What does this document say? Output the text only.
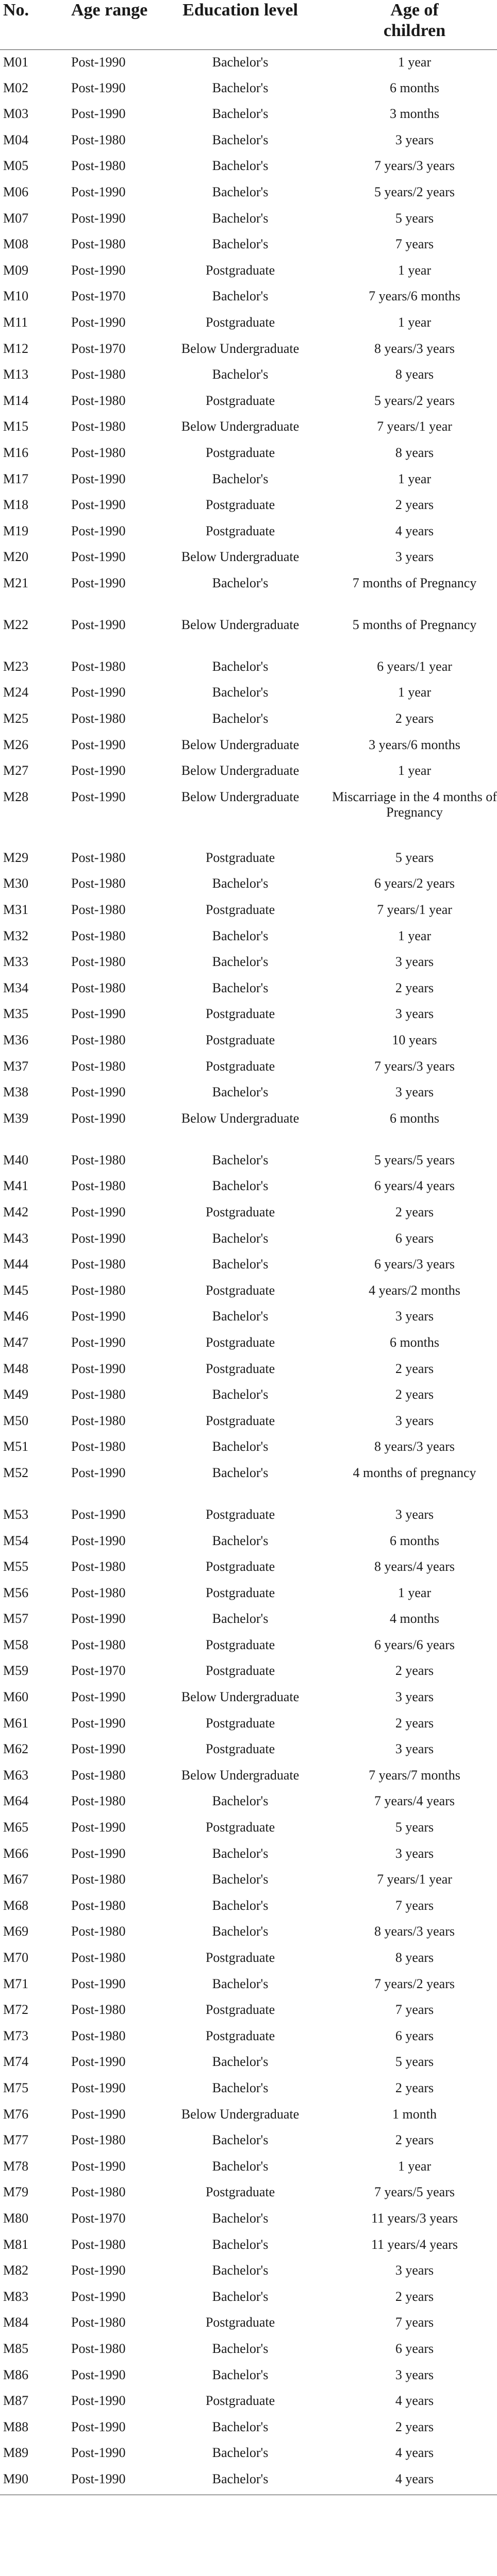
No.	Age range	Education level	Age of
children
M01	Post-1990	Bachelor's	1 year
M02	Post-1990	Bachelor's	6 months
M03	Post-1990	Bachelor's	3 months
M04	Post-1980	Bachelor's	3 years
M05	Post-1980	Bachelor's	7 years/3 years
M06	Post-1990	Bachelor's	5 years/2 years
M07	Post-1990	Bachelor's	5 years
M08	Post-1980	Bachelor's	7 years
M09	Post-1990	Postgraduate	1 year
M10	Post-1970	Bachelor's	7 years/6 months
M11	Post-1990	Postgraduate	1 year
M12	Post-1970	Below Undergraduate	8 years/3 years
M13	Post-1980	Bachelor's	8 years
M14	Post-1980	Postgraduate	5 years/2 years
M15	Post-1980	Below Undergraduate	7 years/1 year
M16	Post-1980	Postgraduate	8 years
M17	Post-1990	Bachelor's	1 year
M18	Post-1990	Postgraduate	2 years
M19	Post-1990	Postgraduate	4 years
M20	Post-1990	Below Undergraduate	3 years
M21	Post-1990	Bachelor's	7 months of Pregnancy
M22	Post-1990	Below Undergraduate	5 months of Pregnancy
M23	Post-1980	Bachelor's	6 years/1 year
M24	Post-1990	Bachelor's	1 year
M25	Post-1980	Bachelor's	2 years
M26	Post-1990	Below Undergraduate	3 years/6 months
M27	Post-1990	Below Undergraduate	1 year
M28	Post-1990	Below Undergraduate	Miscarriage in the 4 months of Pregnancy
M29	Post-1980	Postgraduate	5 years
M30	Post-1980	Bachelor's	6 years/2 years
M31	Post-1980	Postgraduate	7 years/1 year
M32	Post-1980	Bachelor's	1 year
M33	Post-1980	Bachelor's	3 years
M34	Post-1980	Bachelor's	2 years
M35	Post-1990	Postgraduate	3 years
M36	Post-1980	Postgraduate	10 years
M37	Post-1980	Postgraduate	7 years/3 years
M38	Post-1990	Bachelor's	3 years
M39	Post-1990	Below Undergraduate	6 months
M40	Post-1980	Bachelor's	5 years/5 years
M41	Post-1980	Bachelor's	6 years/4 years
M42	Post-1990	Postgraduate	2 years
M43	Post-1990	Bachelor's	6 years
M44	Post-1980	Bachelor's	6 years/3 years
M45	Post-1980	Postgraduate	4 years/2 months
M46	Post-1990	Bachelor's	3 years
M47	Post-1990	Postgraduate	6 months
M48	Post-1990	Postgraduate	2 years
M49	Post-1980	Bachelor's	2 years
M50	Post-1980	Postgraduate	3 years
M51	Post-1980	Bachelor's	8 years/3 years
M52	Post-1990	Bachelor's	4 months of pregnancy
M53	Post-1990	Postgraduate	3 years
M54	Post-1990	Bachelor's	6 months
M55	Post-1980	Postgraduate	8 years/4 years
M56	Post-1980	Postgraduate	1 year
M57	Post-1990	Bachelor's	4 months
M58	Post-1980	Postgraduate	6 years/6 years
M59	Post-1970	Postgraduate	2 years
M60	Post-1990	Below Undergraduate	3 years
M61	Post-1990	Postgraduate	2 years
M62	Post-1990	Postgraduate	3 years
M63	Post-1980	Below Undergraduate	7 years/7 months
M64	Post-1980	Bachelor's	7 years/4 years
M65	Post-1990	Postgraduate	5 years
M66	Post-1990	Bachelor's	3 years
M67	Post-1980	Bachelor's	7 years/1 year
M68	Post-1980	Bachelor's	7 years
M69	Post-1980	Bachelor's	8 years/3 years
M70	Post-1980	Postgraduate	8 years
M71	Post-1990	Bachelor's	7 years/2 years
M72	Post-1980	Postgraduate	7 years
M73	Post-1980	Postgraduate	6 years
M74	Post-1990	Bachelor's	5 years
M75	Post-1990	Bachelor's	2 years
M76	Post-1990	Below Undergraduate	1 month
M77	Post-1980	Bachelor's	2 years
M78	Post-1990	Bachelor's	1 year
M79	Post-1980	Postgraduate	7 years/5 years
M80	Post-1970	Bachelor's	11 years/3 years
M81	Post-1980	Bachelor's	11 years/4 years
M82	Post-1990	Bachelor's	3 years
M83	Post-1990	Bachelor's	2 years
M84	Post-1980	Postgraduate	7 years
M85	Post-1980	Bachelor's	6 years
M86	Post-1990	Bachelor's	3 years
M87	Post-1990	Postgraduate	4 years
M88	Post-1990	Bachelor's	2 years
M89	Post-1990	Bachelor's	4 years
M90	Post-1990	Bachelor's	4 years
